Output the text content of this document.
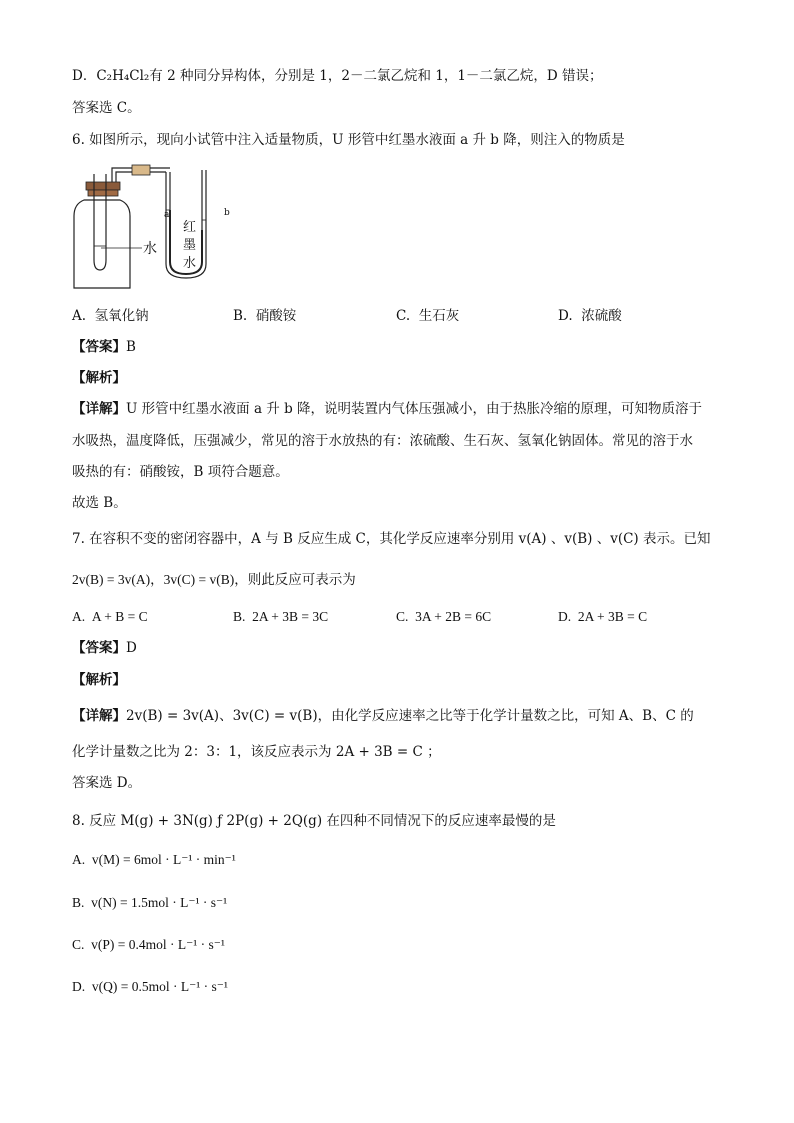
D．C₂H₄Cl₂有 2 种同分异构体，分别是 1，2－二氯乙烷和 1，1－二氯乙烷，D 错误；
答案选 C。
6. 如图所示，现向小试管中注入适量物质，U 形管中红墨水液面 a 升 b 降，则注入的物质是
水
a	b
红
墨
水
A. 氢氧化钠	B. 硝酸铵	C. 生石灰	D. 浓硫酸
【答案】B
【解析】
【详解】U 形管中红墨水液面 a 升 b 降，说明装置内气体压强减小，由于热胀冷缩的原理，可知物质溶于
水吸热，温度降低，压强减少，常见的溶于水放热的有：浓硫酸、生石灰、氢氧化钠固体。常见的溶于水
吸热的有：硝酸铵，B 项符合题意。
故选 B。
7. 在容积不变的密闭容器中，A 与 B 反应生成 C，其化学反应速率分别用 v(A) 、v(B) 、v(C) 表示。已知
2v(B) = 3v(A)，3v(C) = v(B)，则此反应可表示为
A. A + B = C	B. 2A + 3B = 3C	C. 3A + 2B = 6C	D. 2A + 3B = C
【答案】D
【解析】
【详解】2v(B) = 3v(A)、3v(C) = v(B)，由化学反应速率之比等于化学计量数之比，可知 A、B、C 的
化学计量数之比为 2：3：1，该反应表示为 2A + 3B = C ；
答案选 D。
8. 反应 M(g) + 3N(g) ƒ 2P(g) + 2Q(g) 在四种不同情况下的反应速率最慢的是
A. v(M) = 6mol · L⁻¹ · min⁻¹
B. v(N) = 1.5mol · L⁻¹ · s⁻¹
C. v(P) = 0.4mol · L⁻¹ · s⁻¹
D. v(Q) = 0.5mol · L⁻¹ · s⁻¹
